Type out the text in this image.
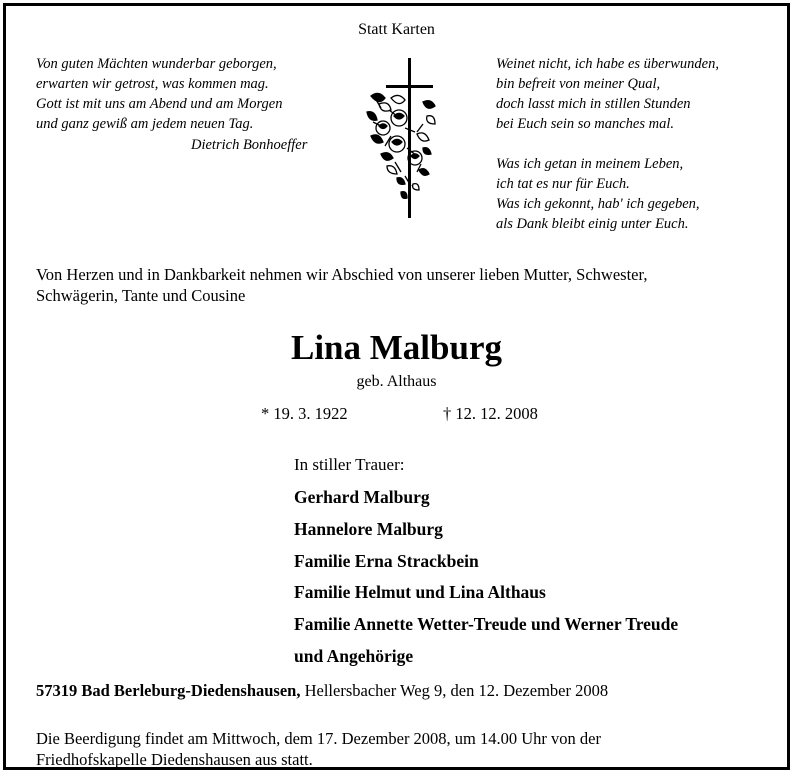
Statt Karten
Von guten Mächten wunderbar geborgen,
erwarten wir getrost, was kommen mag.
Gott ist mit uns am Abend und am Morgen
und ganz gewiß am jedem neuen Tag.
Dietrich Bonhoeffer
Weinet nicht, ich habe es überwunden,
bin befreit von meiner Qual,
doch lasst mich in stillen Stunden
bei Euch sein so manches mal.
Was ich getan in meinem Leben,
ich tat es nur für Euch.
Was ich gekonnt, hab' ich gegeben,
als Dank bleibt einig unter Euch.
Von Herzen und in Dankbarkeit nehmen wir Abschied von unserer lieben Mutter, Schwester,
Schwägerin, Tante und Cousine
Lina Malburg
geb. Althaus
* 19. 3. 1922	† 12. 12. 2008
In stiller Trauer:
Gerhard Malburg
Hannelore Malburg
Familie Erna Strackbein
Familie Helmut und Lina Althaus
Familie Annette Wetter-Treude und Werner Treude
und Angehörige
57319 Bad Berleburg-Diedenshausen, Hellersbacher Weg 9, den 12. Dezember 2008
Die Beerdigung findet am Mittwoch, dem 17. Dezember 2008, um 14.00 Uhr von der
Friedhofskapelle Diedenshausen aus statt.
